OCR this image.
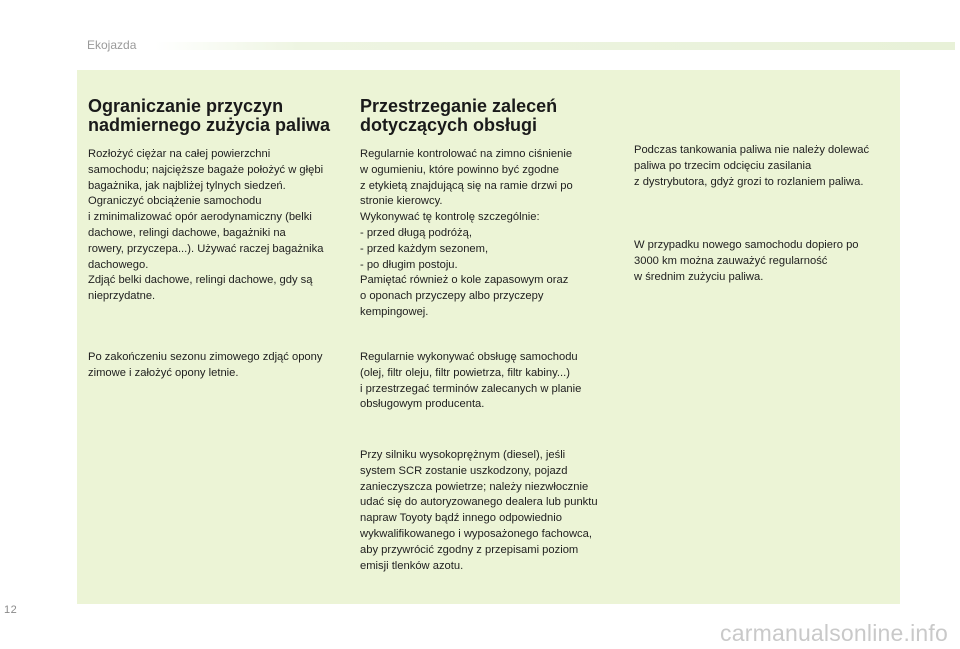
Ekojazda
Ograniczanie przyczyn
nadmiernego zużycia paliwa

Rozłożyć ciężar na całej powierzchni
samochodu; najcięższe bagaże położyć w głębi
bagażnika, jak najbliżej tylnych siedzeń.
Ograniczyć obciążenie samochodu
i zminimalizować opór aerodynamiczny (belki
dachowe, relingi dachowe, bagażniki na
rowery, przyczepa...). Używać raczej bagażnika
dachowego.
Zdjąć belki dachowe, relingi dachowe, gdy są
nieprzydatne.

Po zakończeniu sezonu zimowego zdjąć opony
zimowe i założyć opony letnie.

Przestrzeganie zaleceń
dotyczących obsługi

Regularnie kontrolować na zimno ciśnienie
w ogumieniu, które powinno być zgodne
z etykietą znajdującą się na ramie drzwi po
stronie kierowcy.
Wykonywać tę kontrolę szczególnie:
- przed długą podróżą,
- przed każdym sezonem,
- po długim postoju.
Pamiętać również o kole zapasowym oraz
o oponach przyczepy albo przyczepy
kempingowej.

Regularnie wykonywać obsługę samochodu
(olej, filtr oleju, filtr powietrza, filtr kabiny...)
i przestrzegać terminów zalecanych w planie
obsługowym producenta.

Przy silniku wysokoprężnym (diesel), jeśli
system SCR zostanie uszkodzony, pojazd
zanieczyszcza powietrze; należy niezwłocznie
udać się do autoryzowanego dealera lub punktu
napraw Toyoty bądź innego odpowiednio
wykwalifikowanego i wyposażonego fachowca,
aby przywrócić zgodny z przepisami poziom
emisji tlenków azotu.

Podczas tankowania paliwa nie należy dolewać
paliwa po trzecim odcięciu zasilania
z dystrybutora, gdyż grozi to rozlaniem paliwa.

W przypadku nowego samochodu dopiero po
3000 km można zauważyć regularność
w średnim zużyciu paliwa.

12
carmanualsonline.info
